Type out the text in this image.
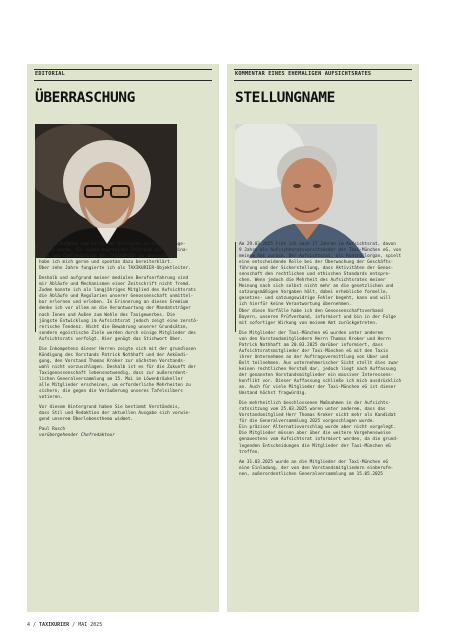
EDITORIAL
ÜBERRASCHUNG

Als die Aufgabe und Bitte des Vorstands an mich herange-
tragen wurde, für einen begrenzten Zeitraum die Koordina-
tion und Chefredaktion des TAXIKURIER zu übernehmen,
habe ich mich gerne und spontan dazu bereiterklärt.
Über zehn Jahre fungierte ich als TAXIKURIER-Objektleiter.

Deshalb und aufgrund meiner medialen Berufserfahrung sind
mir Abläufe und Mechanismen einer Zeitschrift nicht fremd.
Zudem konnte ich als langjähriges Mitglied des Aufsichtsrats
die Abläufe und Regularien unserer Genossenschaft unmittel-
bar erlernen und erleben. In Erinnerung an dieses Gremium
denke ich vor allem an die Verantwortung der Mandatsträger
nach Innen und Außen zum Wohle des Taxigewerbes. Die
jüngste Entwicklung im Aufsichtsrat jedoch zeigt eine zerstö-
rerische Tendenz. Nicht die Bewahrung unserer Grundsätze,
sondern egoistische Ziele werden durch einige Mitglieder des
Aufsichtsrats verfolgt. Hier genügt das Stichwort Uber.

Die Inkompetenz dieser Herren zeigte sich mit der grundlosen
Kündigung des Vorstands Patrick Nothhaft und der Ankündi-
gung, den Vorstand Thomas Kroker zur nächsten Vorstands-
wahl nicht vorzuschlagen. Deshalb ist es für die Zukunft der
Taxigenossenschaft lebensnotwendig, dass zur außerordent-
lichen Generalversammlung am 15. Mai im Löwenbräukeller
alle Mitglieder erscheinen, um erforderliche Mehrheiten zu
sichern, die gegen die Veräußerung unseres Tafelsilbers
votieren.

Vor diesem Hintergrund haben Sie bestimmt Verständnis,
dass Stil und Redaktion der aktuellen Ausgabe sich vorwie-
gend unserem Überlebensthema widmet.

Paul Rusch
vorübergehender Chefredakteur
KOMMENTAR EINES EHEMALIGEN AUFSICHTSRATES
STELLUNGNAME

Am 29.03.2025 trat ich nach 17 Jahren im Aufsichtsrat, davon
9 Jahre als Aufsichtsratsvorsitzender der Taxi-München eG, von
meinem Amt zurück. Der Aufsichtsrat, als Kontrollorgan, spielt
eine entscheidende Rolle bei der Überwachung der Geschäfts-
führung und der Sicherstellung, dass Aktivitäten der Genos-
senschaft den rechtlichen und ethischen Standards entspre-
chen. Wenn jedoch die Mehrheit des Aufsichtsrates meiner
Meinung nach sich selbst nicht mehr an die gesetzlichen und
satzungsmäßigen Vorgaben hält, dabei erhebliche formelle,
gesetzes- und satzungswidrige Fehler begeht, kann und will
ich hierfür keine Verantwortung übernehmen.
Über diese Vorfälle habe ich den Genossenschaftsverband
Bayern, unseren Prüfverband, informiert und bin in der Folge
mit sofortiger Wirkung von meinem Amt zurückgetreten.

Die Mitglieder der Taxi-München eG wurden unter anderem
von den Vorstandsmitgliedern Herrn Thomas Kroker und Herrn
Patrick Nothhaft am 20.03.2025 darüber informiert, dass
Aufsichtsratsmitglieder der Taxi-München eG mit den Taxis
ihrer Unternehmen an der Auftragsvermittlung von Uber und
Bolt teilnehmen. Aus unternehmerischer Sicht stellt dies zwar
keinen rechtlichen Verstoß dar, jedoch liegt nach Auffassung
der genannten Vorstandsmitglieder ein massiver Interessens-
konflikt vor. Dieser Auffassung schließe ich mich ausdrücklich
an. Auch für viele Mitglieder der Taxi-München eG ist dieser
Umstand höchst fragwürdig.

Die mehrheitlich beschlossenen Maßnahmen in der Aufsichts-
ratssitzung vom 25.03.2025 waren unter anderem, dass das
Vorstandsmitglied Herr Thomas Kroker nicht mehr als Kandidat
für die Generalversammlung 2025 vorgeschlagen wurde.
Ein präziser Alternativvorschlag wurde aber nicht vorgelegt.
Die Mitglieder müssen aber über die weitere Vorgehensweise
genauestens vom Aufsichtsrat informiert werden, da die grund-
legenden Entscheidungen die Mitglieder der Taxi-München eG
treffen.

Am 31.03.2025 wurde an die Mitglieder der Taxi-München eG
eine Einladung, der von den Vorstandsmitgliedern einberufe-
nen, außerordentlichen Generalversammlung am 15.05.2025

4 / TAXIKURIER / MAI 2025
